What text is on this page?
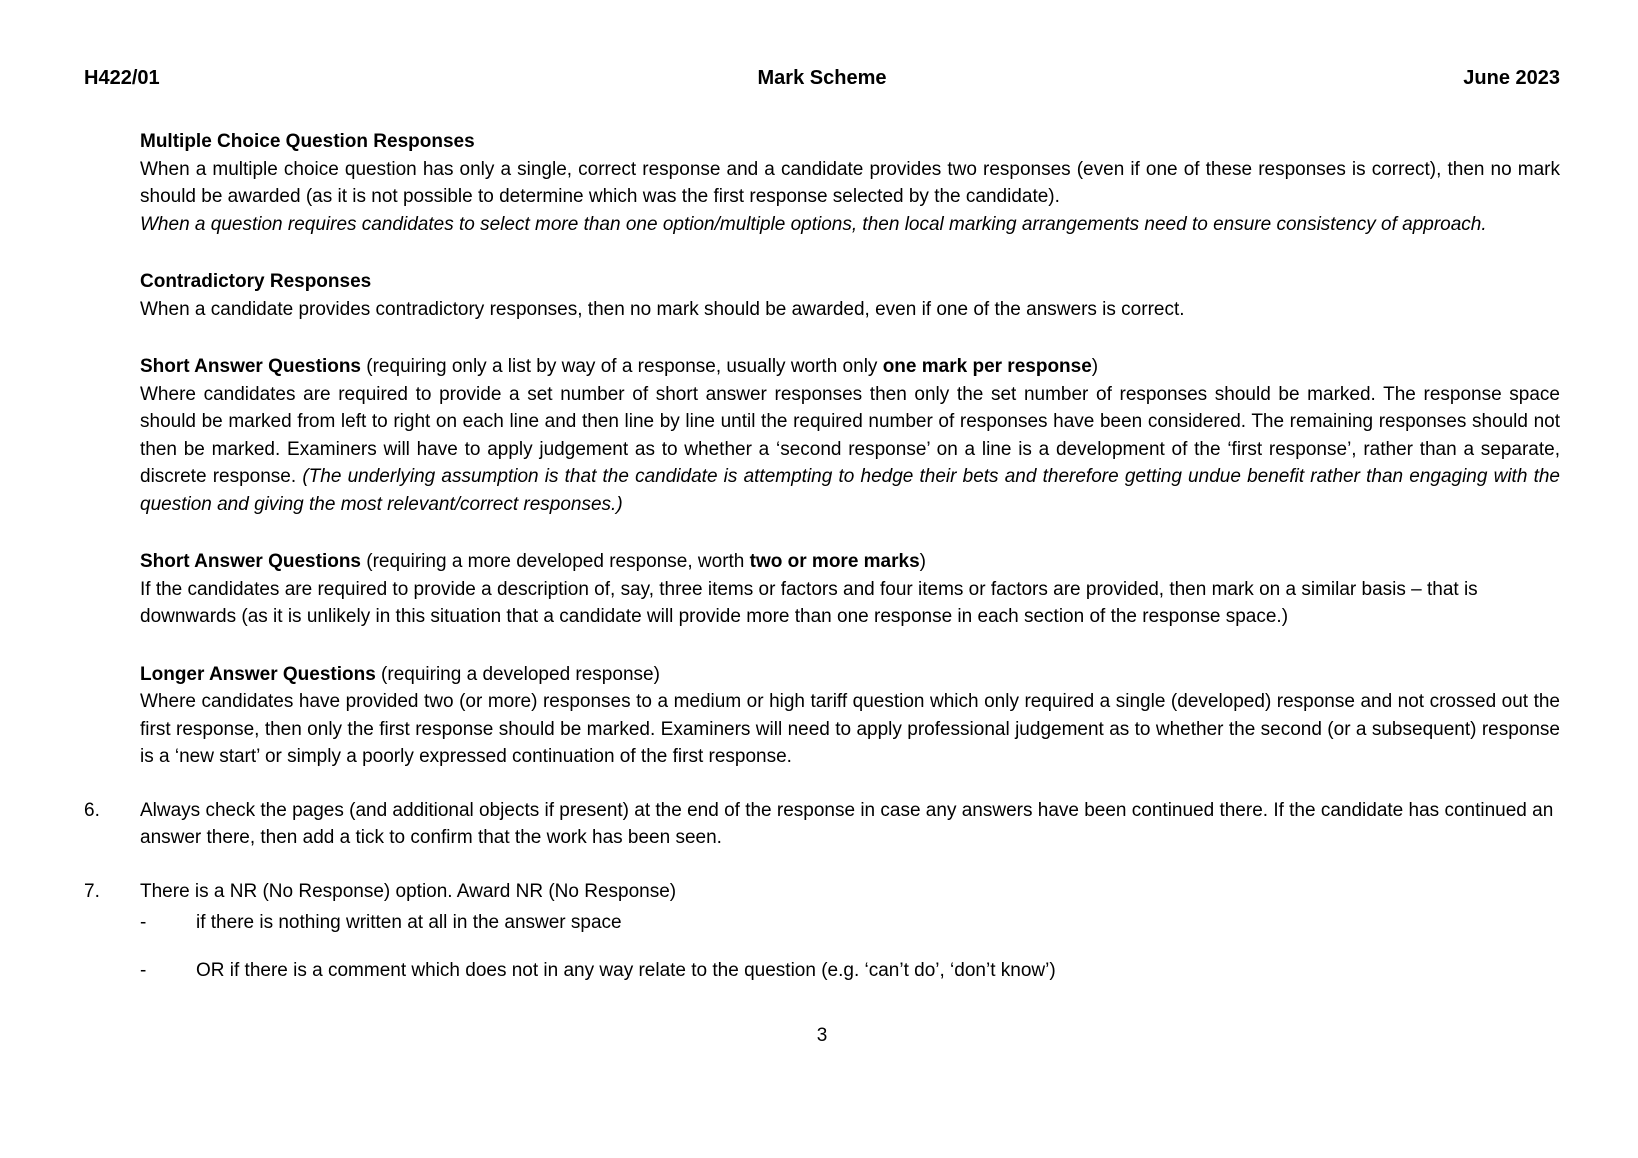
H422/01	Mark Scheme	June 2023

Multiple Choice Question Responses

When a multiple choice question has only a single, correct response and a candidate provides two responses (even if one of these responses is correct), then no mark should be awarded (as it is not possible to determine which was the first response selected by the candidate).

When a question requires candidates to select more than one option/multiple options, then local marking arrangements need to ensure consistency of approach.

Contradictory Responses

When a candidate provides contradictory responses, then no mark should be awarded, even if one of the answers is correct.

Short Answer Questions (requiring only a list by way of a response, usually worth only one mark per response)

Where candidates are required to provide a set number of short answer responses then only the set number of responses should be marked. The response space should be marked from left to right on each line and then line by line until the required number of responses have been considered. The remaining responses should not then be marked. Examiners will have to apply judgement as to whether a ‘second response’ on a line is a development of the ‘first response’, rather than a separate, discrete response. (The underlying assumption is that the candidate is attempting to hedge their bets and therefore getting undue benefit rather than engaging with the question and giving the most relevant/correct responses.)

Short Answer Questions (requiring a more developed response, worth two or more marks)

If the candidates are required to provide a description of, say, three items or factors and four items or factors are provided, then mark on a similar basis – that is downwards (as it is unlikely in this situation that a candidate will provide more than one response in each section of the response space.)

Longer Answer Questions (requiring a developed response)

Where candidates have provided two (or more) responses to a medium or high tariff question which only required a single (developed) response and not crossed out the first response, then only the first response should be marked. Examiners will need to apply professional judgement as to whether the second (or a subsequent) response is a ‘new start’ or simply a poorly expressed continuation of the first response.

6.	Always check the pages (and additional objects if present) at the end of the response in case any answers have been continued there. If the candidate has continued an answer there, then add a tick to confirm that the work has been seen.
7.	There is a NR (No Response) option. Award NR (No Response)
-	if there is nothing written at all in the answer space
-	OR if there is a comment which does not in any way relate to the question (e.g. ‘can’t do’, ‘don’t know’)
3
